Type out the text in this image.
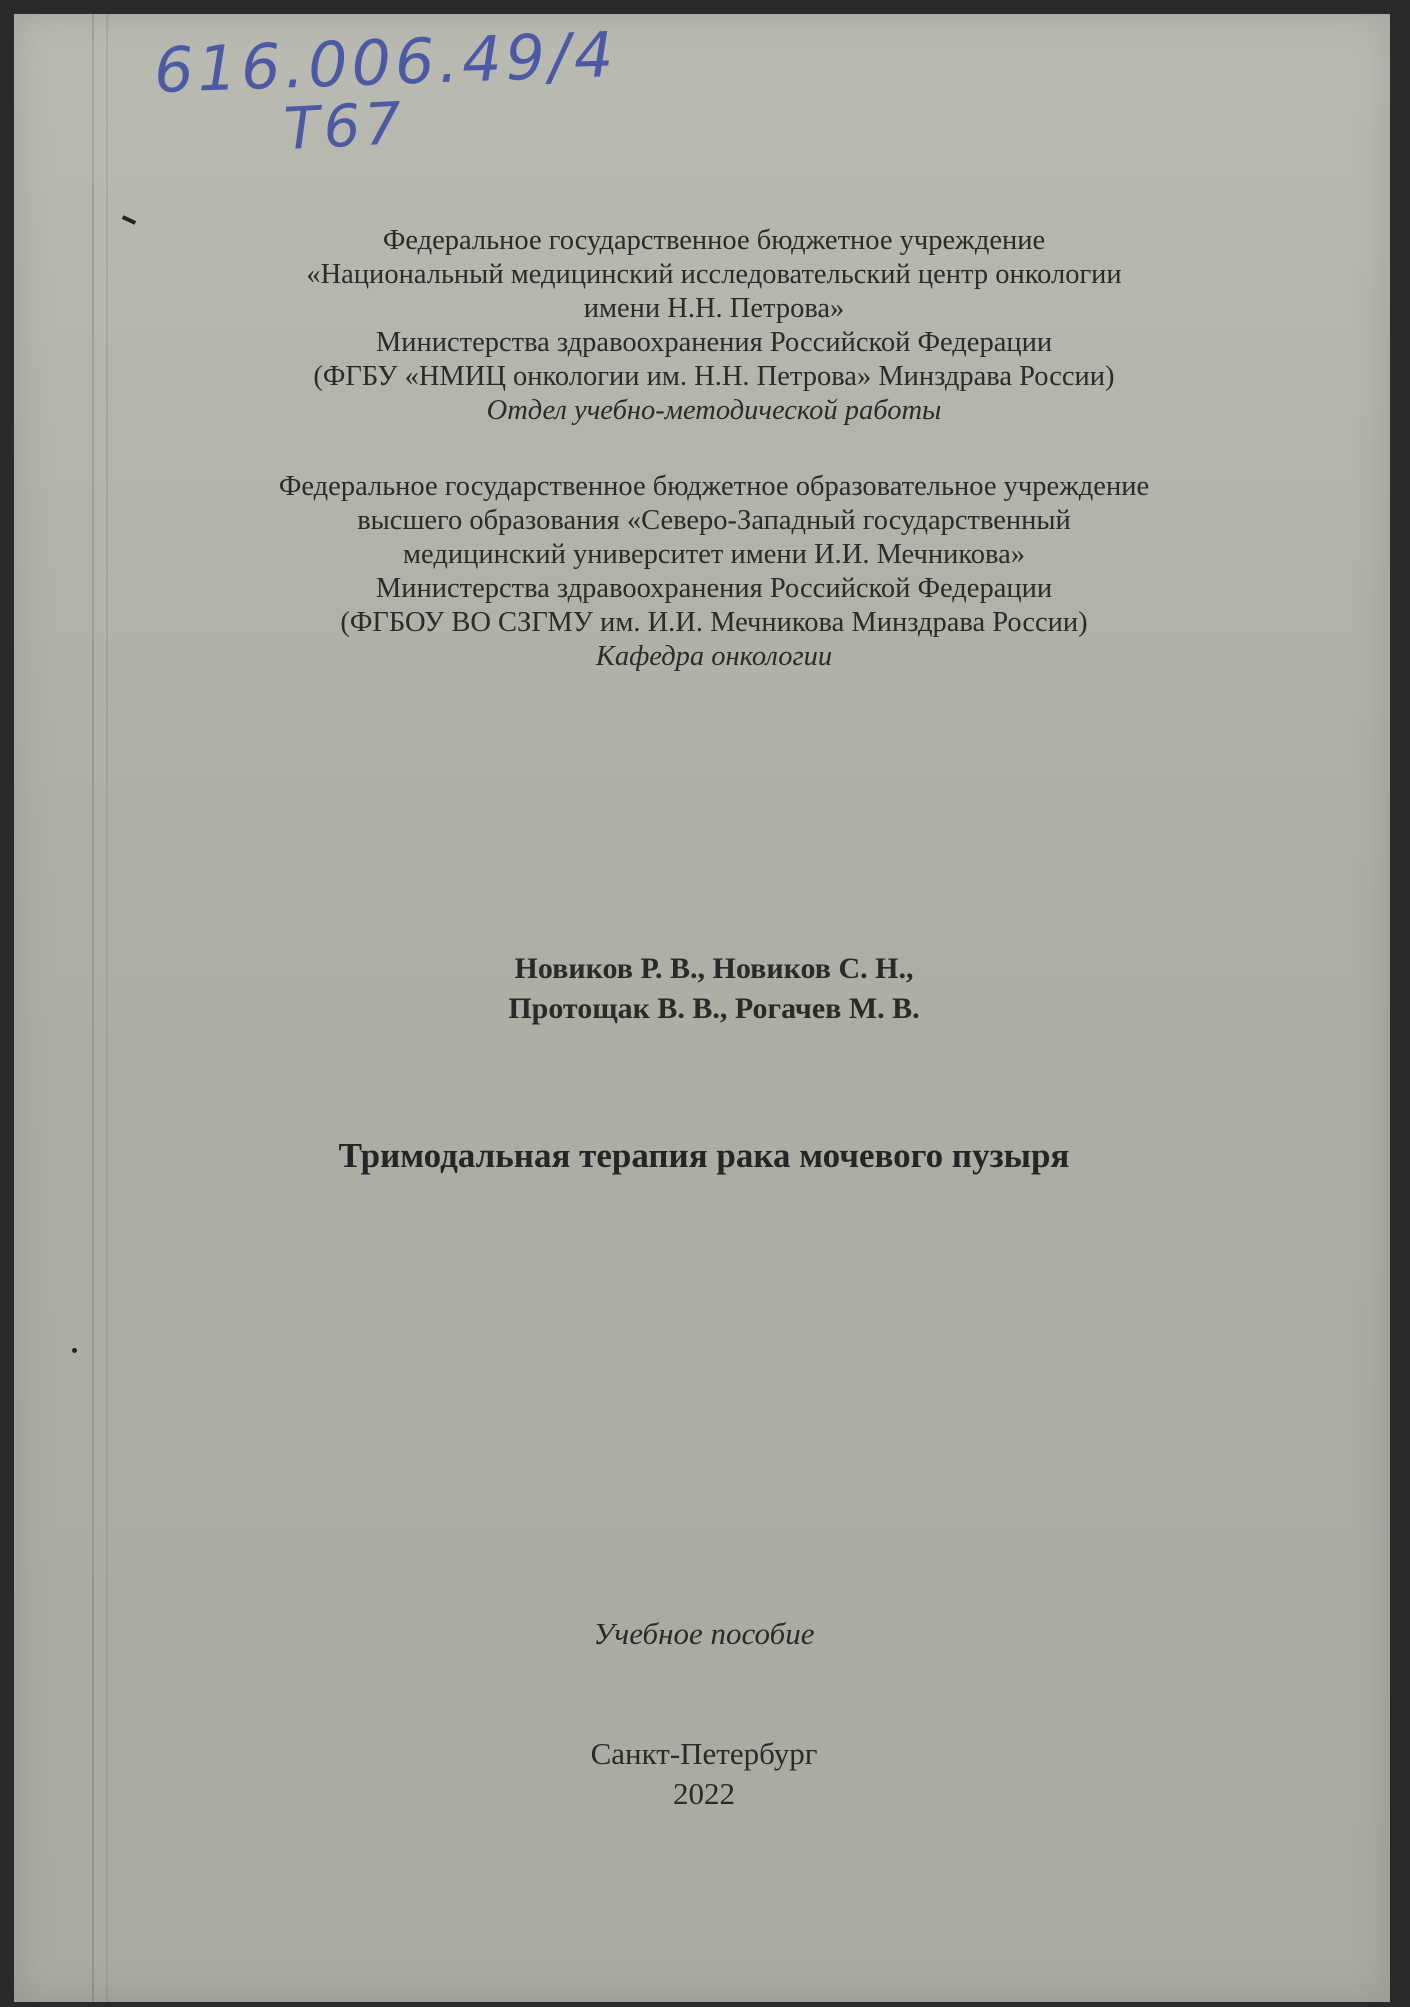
616.006.49/4
T67
Федеральное государственное бюджетное учреждение
«Национальный медицинский исследовательский центр онкологии
имени Н.Н. Петрова»
Министерства здравоохранения Российской Федерации
(ФГБУ «НМИЦ онкологии им. Н.Н. Петрова» Минздрава России)
Отдел учебно-методической работы
Федеральное государственное бюджетное образовательное учреждение
высшего образования «Северо-Западный государственный
медицинский университет имени И.И. Мечникова»
Министерства здравоохранения Российской Федерации
(ФГБОУ ВО СЗГМУ им. И.И. Мечникова Минздрава России)
Кафедра онкологии
Новиков Р. В., Новиков С. Н.,
Протощак В. В., Рогачев М. В.
Тримодальная терапия рака мочевого пузыря
Учебное пособие
Санкт-Петербург
2022
